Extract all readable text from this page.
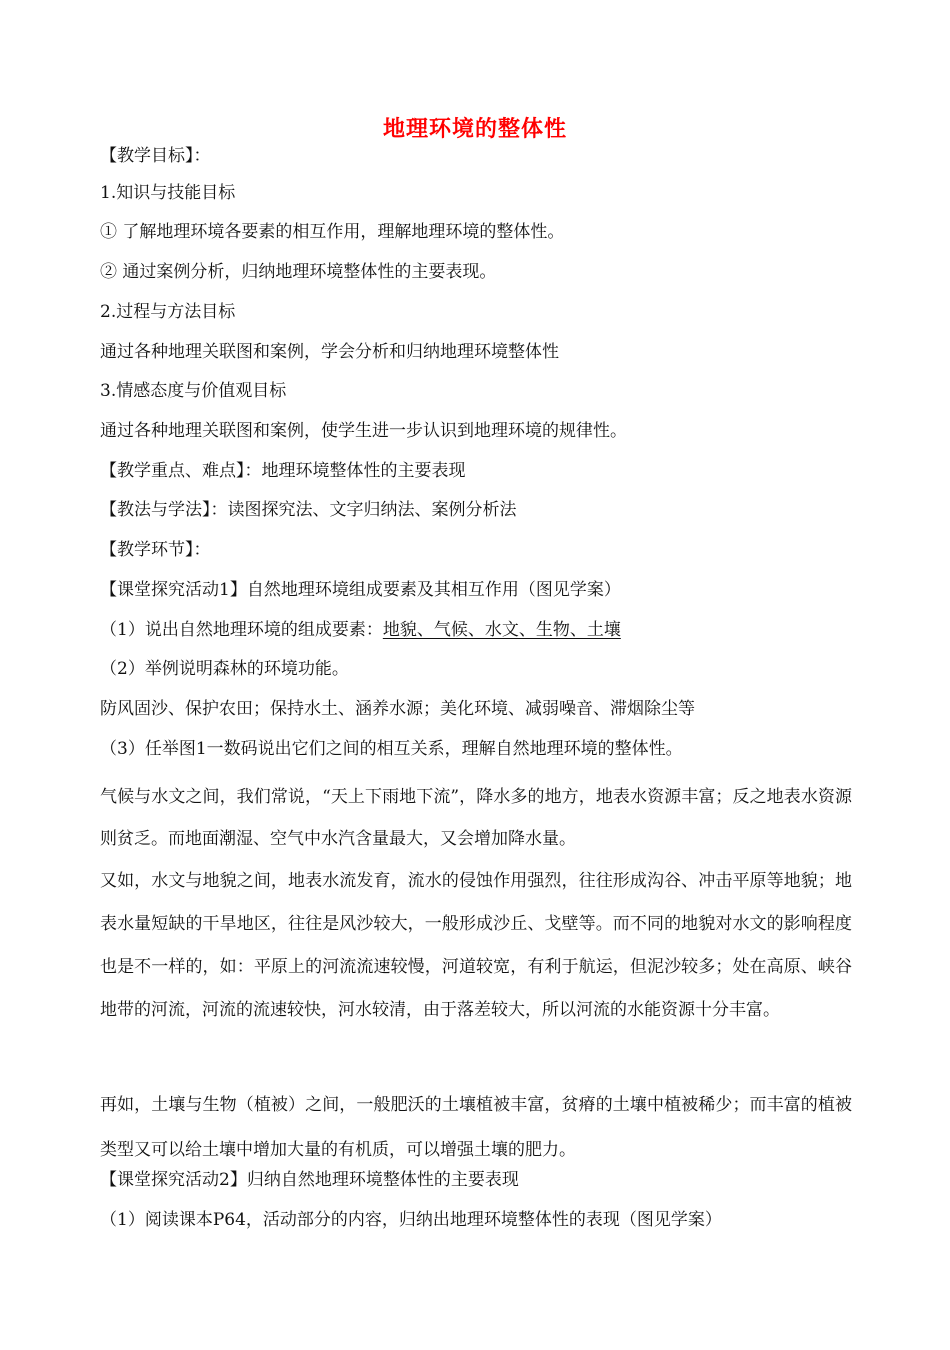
地理环境的整体性
【教学目标】：
1.知识与技能目标
① 了解地理环境各要素的相互作用，理解地理环境的整体性。
② 通过案例分析，归纳地理环境整体性的主要表现。
2.过程与方法目标
通过各种地理关联图和案例，学会分析和归纳地理环境整体性
3.情感态度与价值观目标
通过各种地理关联图和案例，使学生进一步认识到地理环境的规律性。
【教学重点、难点】：地理环境整体性的主要表现
【教法与学法】：读图探究法、文字归纳法、案例分析法
【教学环节】：
【课堂探究活动1】自然地理环境组成要素及其相互作用（图见学案）
（1）说出自然地理环境的组成要素：地貌、气候、水文、生物、土壤
（2）举例说明森林的环境功能。
防风固沙、保护农田；保持水土、涵养水源；美化环境、减弱噪音、滞烟除尘等
（3）任举图1一数码说出它们之间的相互关系，理解自然地理环境的整体性。
气候与水文之间，我们常说，“天上下雨地下流”，降水多的地方，地表水资源丰富；反之地表水资源则贫乏。而地面潮湿、空气中水汽含量最大，又会增加降水量。
又如，水文与地貌之间，地表水流发育，流水的侵蚀作用强烈，往往形成沟谷、冲击平原等地貌；地表水量短缺的干旱地区，往往是风沙较大，一般形成沙丘、戈壁等。而不同的地貌对水文的影响程度也是不一样的，如：平原上的河流流速较慢，河道较宽，有利于航运，但泥沙较多；处在高原、峡谷地带的河流，河流的流速较快，河水较清，由于落差较大，所以河流的水能资源十分丰富。
再如，土壤与生物（植被）之间，一般肥沃的土壤植被丰富，贫瘠的土壤中植被稀少；而丰富的植被类型又可以给土壤中增加大量的有机质，可以增强土壤的肥力。
【课堂探究活动2】归纳自然地理环境整体性的主要表现
（1）阅读课本P64，活动部分的内容，归纳出地理环境整体性的表现（图见学案）
